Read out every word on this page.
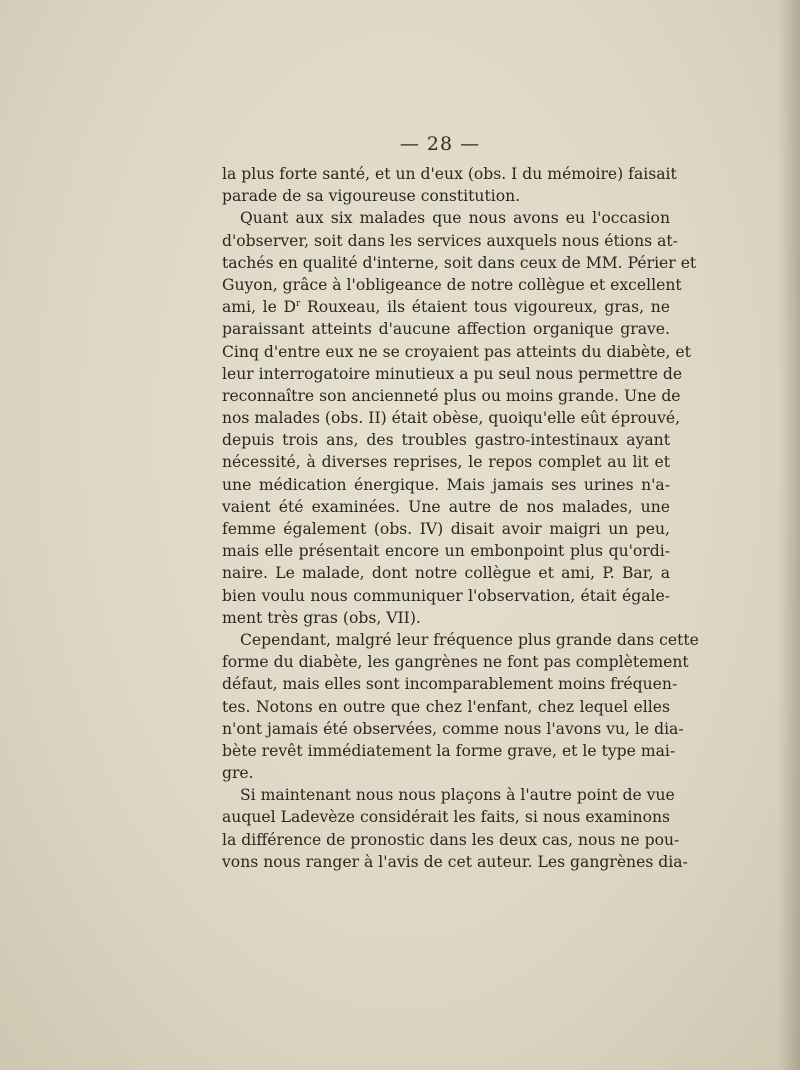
— 28 —
la plus forte santé, et un d'eux (obs. I du mémoire) faisait
parade de sa vigoureuse constitution.
Quant aux six malades que nous avons eu l'occasion
d'observer, soit dans les services auxquels nous étions at-
tachés en qualité d'interne, soit dans ceux de MM. Périer et
Guyon, grâce à l'obligeance de notre collègue et excellent
ami, le $D^r$ Rouxeau, ils étaient tous vigoureux, gras, ne
paraissant atteints d'aucune affection organique grave.
Cinq d'entre eux ne se croyaient pas atteints du diabète, et
leur interrogatoire minutieux a pu seul nous permettre de
reconnaître son ancienneté plus ou moins grande. Une de
nos malades (obs. II) était obèse, quoiqu'elle eût éprouvé,
depuis trois ans, des troubles gastro-intestinaux ayant
nécessité, à diverses reprises, le repos complet au lit et
une médication énergique. Mais jamais ses urines n'a-
vaient été examinées. Une autre de nos malades, une
femme également (obs. IV) disait avoir maigri un peu,
mais elle présentait encore un embonpoint plus qu'ordi-
naire. Le malade, dont notre collègue et ami, P. Bar, a
bien voulu nous communiquer l'observation, était égale-
ment très gras (obs, VII).
Cependant, malgré leur fréquence plus grande dans cette
forme du diabète, les gangrènes ne font pas complètement
défaut, mais elles sont incomparablement moins fréquen-
tes. Notons en outre que chez l'enfant, chez lequel elles
n'ont jamais été observées, comme nous l'avons vu, le dia-
bète revêt immédiatement la forme grave, et le type mai-
gre.
Si maintenant nous nous plaçons à l'autre point de vue
auquel Ladevèze considérait les faits, si nous examinons
la différence de pronostic dans les deux cas, nous ne pou-
vons nous ranger à l'avis de cet auteur. Les gangrènes dia-
